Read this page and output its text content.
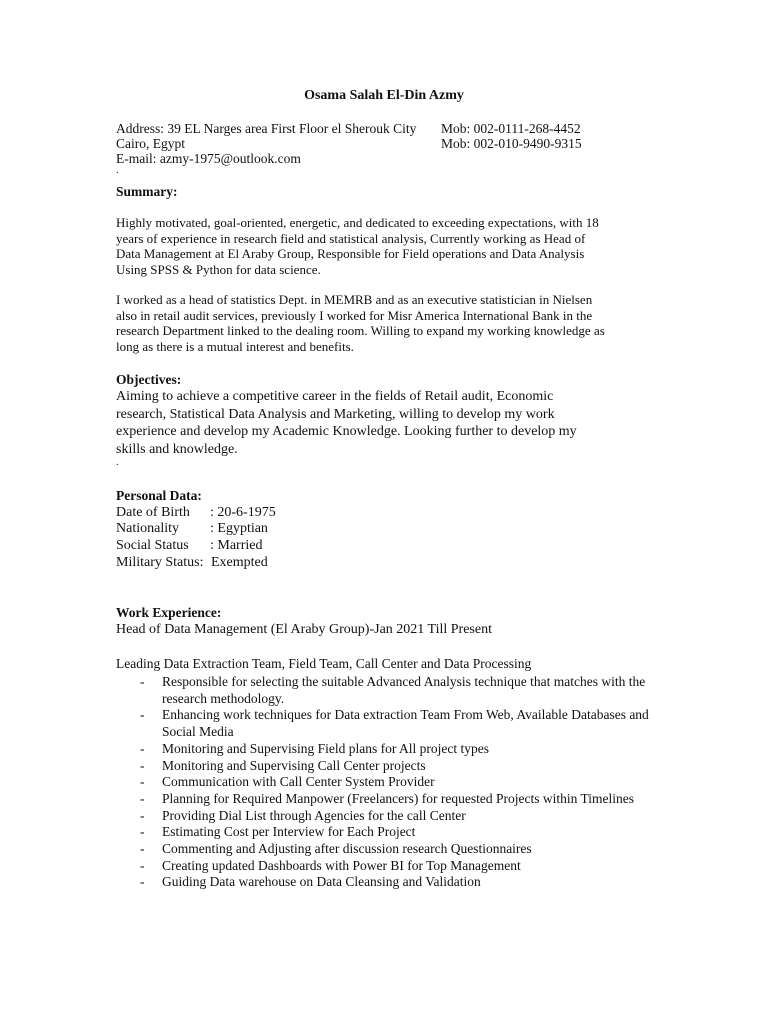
Osama Salah El-Din Azmy
Address: 39 EL Narges area First Floor el Sherouk City Mob: 002-0111-268-4452
Cairo, Egypt	Mob: 002-010-9490-9315
E-mail: azmy-1975@outlook.com
.
Summary:
Highly motivated, goal-oriented, energetic, and dedicated to exceeding expectations, with 18
years of experience in research field and statistical analysis, Currently working as Head of
Data Management at El Araby Group, Responsible for Field operations and Data Analysis
Using SPSS & Python for data science.
I worked as a head of statistics Dept. in MEMRB and as an executive statistician in Nielsen
also in retail audit services, previously I worked for Misr America International Bank in the
research Department linked to the dealing room. Willing to expand my working knowledge as
long as there is a mutual interest and benefits.
Objectives:
Aiming to achieve a competitive career in the fields of Retail audit, Economic
research, Statistical Data Analysis and Marketing, willing to develop my work
experience and develop my Academic Knowledge. Looking further to develop my
skills and knowledge.
.
Personal Data:
Date of Birth : 20-6-1975
Nationality : Egyptian
Social Status : Married
Military Status: Exempted
Work Experience:
Head of Data Management (El Araby Group)-Jan 2021 Till Present
Leading Data Extraction Team, Field Team, Call Center and Data Processing
- Responsible for selecting the suitable Advanced Analysis technique that matches with the research methodology.
- Enhancing work techniques for Data extraction Team From Web, Available Databases and Social Media
- Monitoring and Supervising Field plans for All project types
- Monitoring and Supervising Call Center projects
- Communication with Call Center System Provider
- Planning for Required Manpower (Freelancers) for requested Projects within Timelines
- Providing Dial List through Agencies for the call Center
- Estimating Cost per Interview for Each Project
- Commenting and Adjusting after discussion research Questionnaires
- Creating updated Dashboards with Power BI for Top Management
- Guiding Data warehouse on Data Cleansing and Validation
